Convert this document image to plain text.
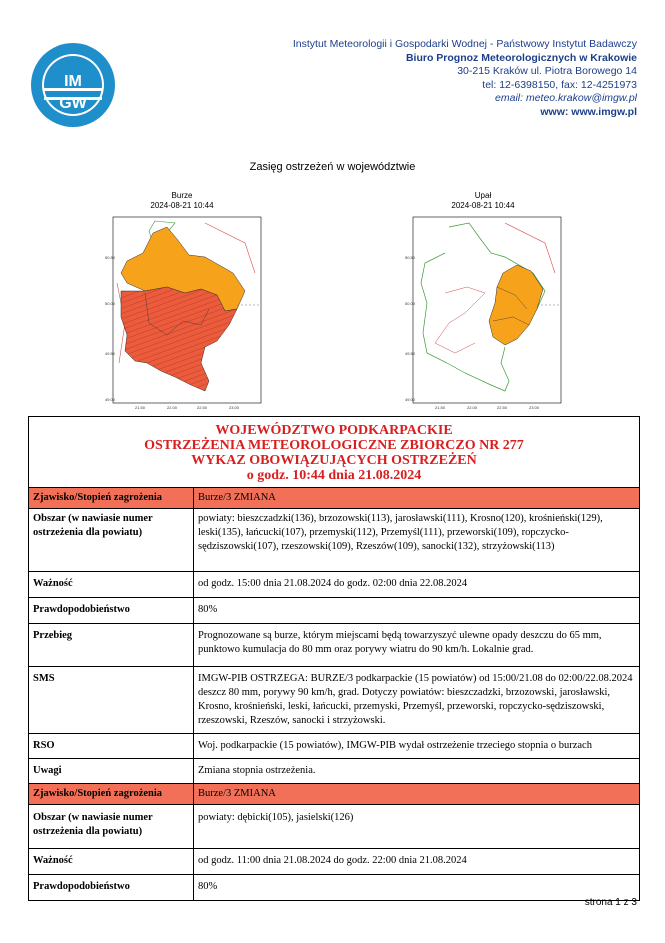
IM
GW
Instytut Meteorologii i Gospodarki Wodnej - Państwowy Instytut Badawczy
Biuro Prognoz Meteorologicznych w Krakowie
30-215 Kraków ul. Piotra Borowego 14
tel: 12-6398150, fax: 12-4251973
email: meteo.krakow@imgw.pl
www: www.imgw.pl
Zasięg ostrzeżeń w województwie
Burze
2024-08-21 10:44
Upał
2024-08-21 10:44
50.50
50.00
49.50
49.00
21.50	22.00	22.50	23.00
50.50
50.00
49.50
49.00
21.50	22.00	22.50	23.00
WOJEWÓDZTWO PODKARPACKIE
OSTRZEŻENIA METEOROLOGICZNE ZBIORCZO NR 277
WYKAZ OBOWIĄZUJĄCYCH OSTRZEŻEŃ
o godz. 10:44 dnia 21.08.2024
Zjawisko/Stopień zagrożenia	Burze/3 ZMIANA
Obszar (w nawiasie numer ostrzeżenia dla powiatu)	powiaty: bieszczadzki(136), brzozowski(113), jarosławski(111), Krosno(120), krośnieński(129), leski(135), łańcucki(107), przemyski(112), Przemyśl(111), przeworski(109), ropczycko-sędziszowski(107), rzeszowski(109), Rzeszów(109), sanocki(132), strzyżowski(113)
Ważność	od godz. 15:00 dnia 21.08.2024 do godz. 02:00 dnia 22.08.2024
Prawdopodobieństwo	80%
Przebieg	Prognozowane są burze, którym miejscami będą towarzyszyć ulewne opady deszczu do 65 mm, punktowo kumulacja do 80 mm oraz porywy wiatru do 90 km/h. Lokalnie grad.
SMS	IMGW-PIB OSTRZEGA: BURZE/3 podkarpackie (15 powiatów) od 15:00/21.08 do 02:00/22.08.2024 deszcz 80 mm, porywy 90 km/h, grad. Dotyczy powiatów: bieszczadzki, brzozowski, jarosławski, Krosno, krośnieński, leski, łańcucki, przemyski, Przemyśl, przeworski, ropczycko-sędziszowski, rzeszowski, Rzeszów, sanocki i strzyżowski.
RSO	Woj. podkarpackie (15 powiatów), IMGW-PIB wydał ostrzeżenie trzeciego stopnia o burzach
Uwagi	Zmiana stopnia ostrzeżenia.
Zjawisko/Stopień zagrożenia	Burze/3 ZMIANA
Obszar (w nawiasie numer ostrzeżenia dla powiatu)	powiaty: dębicki(105), jasielski(126)
Ważność	od godz. 11:00 dnia 21.08.2024 do godz. 22:00 dnia 21.08.2024
Prawdopodobieństwo	80%
strona 1 z 3
